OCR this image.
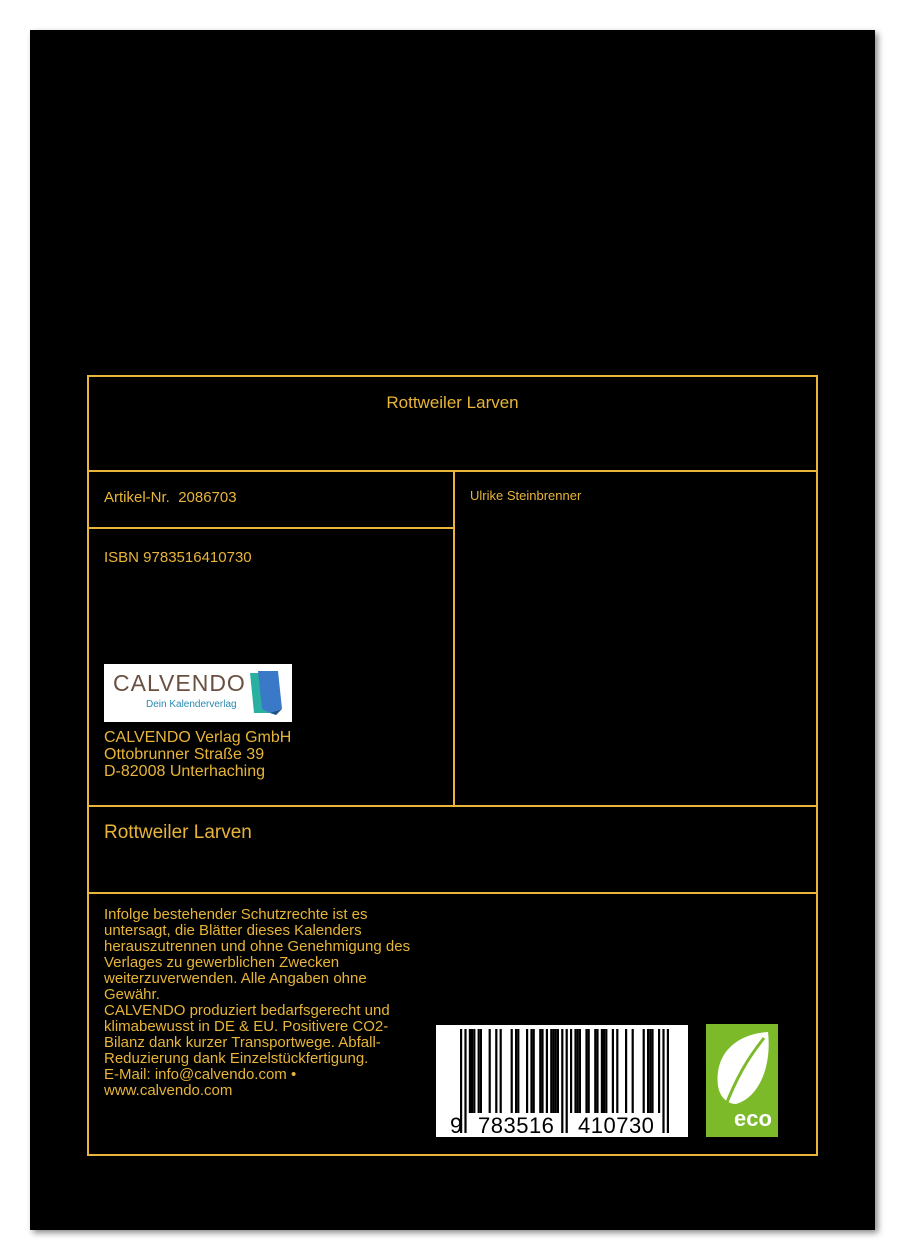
Rottweiler Larven
Artikel-Nr. 2086703	Ulrike Steinbrenner
ISBN 9783516410730
CALVENDO
Dein Kalenderverlag
CALVENDO Verlag GmbH
Ottobrunner Straße 39
D-82008 Unterhaching
Rottweiler Larven
Infolge bestehender Schutzrechte ist es
untersagt, die Blätter dieses Kalenders
herauszutrennen und ohne Genehmigung des
Verlages zu gewerblichen Zwecken
weiterzuverwenden. Alle Angaben ohne
Gewähr.
CALVENDO produziert bedarfsgerecht und
klimabewusst in DE & EU. Positivere CO2-
Bilanz dank kurzer Transportwege. Abfall-
Reduzierung dank Einzelstückfertigung.
E-Mail: info@calvendo.com •
www.calvendo.com
9 783516 410730	eco
